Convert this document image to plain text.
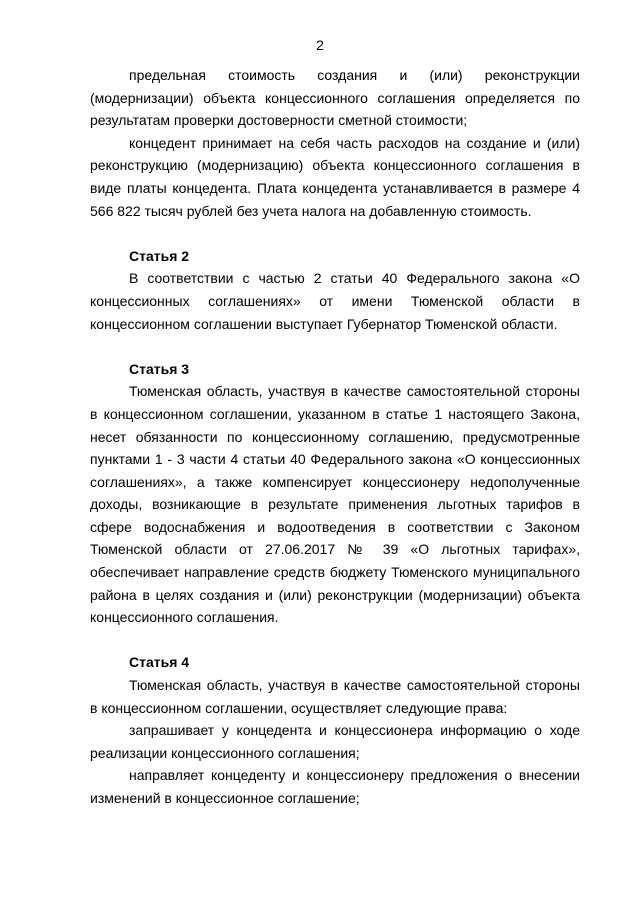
2

предельная стоимость создания и (или) реконструкции (модернизации) объекта концессионного соглашения определяется по результатам проверки достоверности сметной стоимости;

концедент принимает на себя часть расходов на создание и (или) реконструкцию (модернизацию) объекта концессионного соглашения в виде платы концедента. Плата концедента устанавливается в размере 4 566 822 тысяч рублей без учета налога на добавленную стоимость.

Статья 2

В соответствии с частью 2 статьи 40 Федерального закона «О концессионных соглашениях» от имени Тюменской области в концессионном соглашении выступает Губернатор Тюменской области.

Статья 3

Тюменская область, участвуя в качестве самостоятельной стороны в концессионном соглашении, указанном в статье 1 настоящего Закона, несет обязанности по концессионному соглашению, предусмотренные пунктами 1 - 3 части 4 статьи 40 Федерального закона «О концессионных соглашениях», а также компенсирует концессионеру недополученные доходы, возникающие в результате применения льготных тарифов в сфере водоснабжения и водоотведения в соответствии с Законом Тюменской области от 27.06.2017 № 39 «О льготных тарифах», обеспечивает направление средств бюджету Тюменского муниципального района в целях создания и (или) реконструкции (модернизации) объекта концессионного соглашения.

Статья 4

Тюменская область, участвуя в качестве самостоятельной стороны в концессионном соглашении, осуществляет следующие права:

запрашивает у концедента и концессионера информацию о ходе реализации концессионного соглашения;

направляет концеденту и концессионеру предложения о внесении изменений в концессионное соглашение;
